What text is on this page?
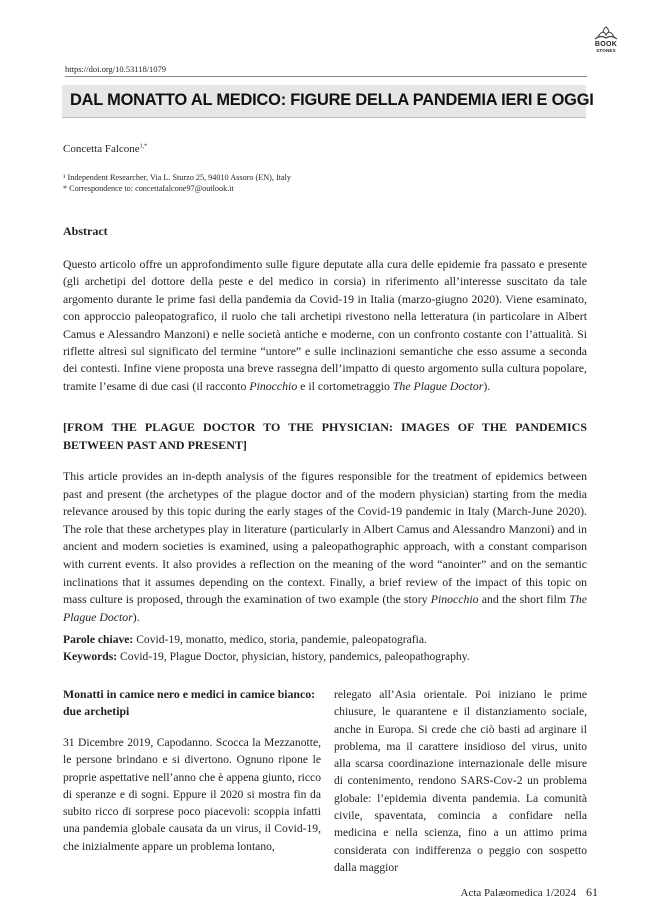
BOOK
STONES
https://doi.org/10.53118/1079
DAL MONATTO AL MEDICO: FIGURE DELLA PANDEMIA IERI E OGGI
Concetta Falcone$^{1,*}$
¹ Independent Researcher, Via L. Sturzo 25, 94010 Assoro (EN), Italy
* Correspondence to: concettafalcone97@outlook.it
Abstract
Questo articolo offre un approfondimento sulle figure deputate alla cura delle epidemie fra passato e presente (gli archetipi del dottore della peste e del medico in corsia) in riferimento all’interesse suscitato da tale argomento durante le prime fasi della pandemia da Covid-19 in Italia (marzo-giugno 2020). Viene esaminato, con approccio paleopatografico, il ruolo che tali archetipi rivestono nella letteratura (in particolare in Albert Camus e Alessandro Manzoni) e nelle società antiche e moderne, con un confronto costante con l’attualità. Si riflette altresì sul significato del termine “untore” e sulle inclinazioni semantiche che esso assume a seconda dei contesti. Infine viene proposta una breve rassegna dell’impatto di questo argomento sulla cultura popolare, tramite l’esame di due casi (il racconto Pinocchio e il cortometraggio The Plague Doctor).
[FROM THE PLAGUE DOCTOR TO THE PHYSICIAN: IMAGES OF THE PANDEMICS BETWEEN PAST AND PRESENT]
This article provides an in-depth analysis of the figures responsible for the treatment of epidemics between past and present (the archetypes of the plague doctor and of the modern physician) starting from the media relevance aroused by this topic during the early stages of the Covid-19 pandemic in Italy (March-June 2020). The role that these archetypes play in literature (particularly in Albert Camus and Alessandro Manzoni) and in ancient and modern societies is examined, using a paleopathographic approach, with a constant comparison with current events. It also provides a reflection on the meaning of the word “anointer” and on the semantic inclinations that it assumes depending on the context. Finally, a brief review of the impact of this topic on mass culture is proposed, through the examination of two example (the story Pinocchio and the short film The Plague Doctor).
Parole chiave: Covid-19, monatto, medico, storia, pandemie, paleopatografia.
Keywords: Covid-19, Plague Doctor, physician, history, pandemics, paleopathography.
Monatti in camice nero e medici in camice bianco: due archetipi
31 Dicembre 2019, Capodanno. Scocca la Mezzanotte, le persone brindano e si divertono. Ognuno ripone le proprie aspettative nell’anno che è appena giunto, ricco di speranze e di sogni. Eppure il 2020 si mostra fin da subito ricco di sorprese poco piacevoli: scoppia infatti una pandemia globale causata da un virus, il Covid-19, che inizialmente appare un problema lontano,
relegato all’Asia orientale. Poi iniziano le prime chiusure, le quarantene e il distanziamento sociale, anche in Europa. Si crede che ciò basti ad arginare il problema, ma il carattere insidioso del virus, unito alla scarsa coordinazione internazionale delle misure di contenimento, rendono SARS-Cov-2 un problema globale: l’epidemia diventa pandemia. La comunità civile, spaventata, comincia a confidare nella medicina e nella scienza, fino a un attimo prima considerata con indifferenza o peggio con sospetto dalla maggior
Acta Palæomedica 1/2024 61
